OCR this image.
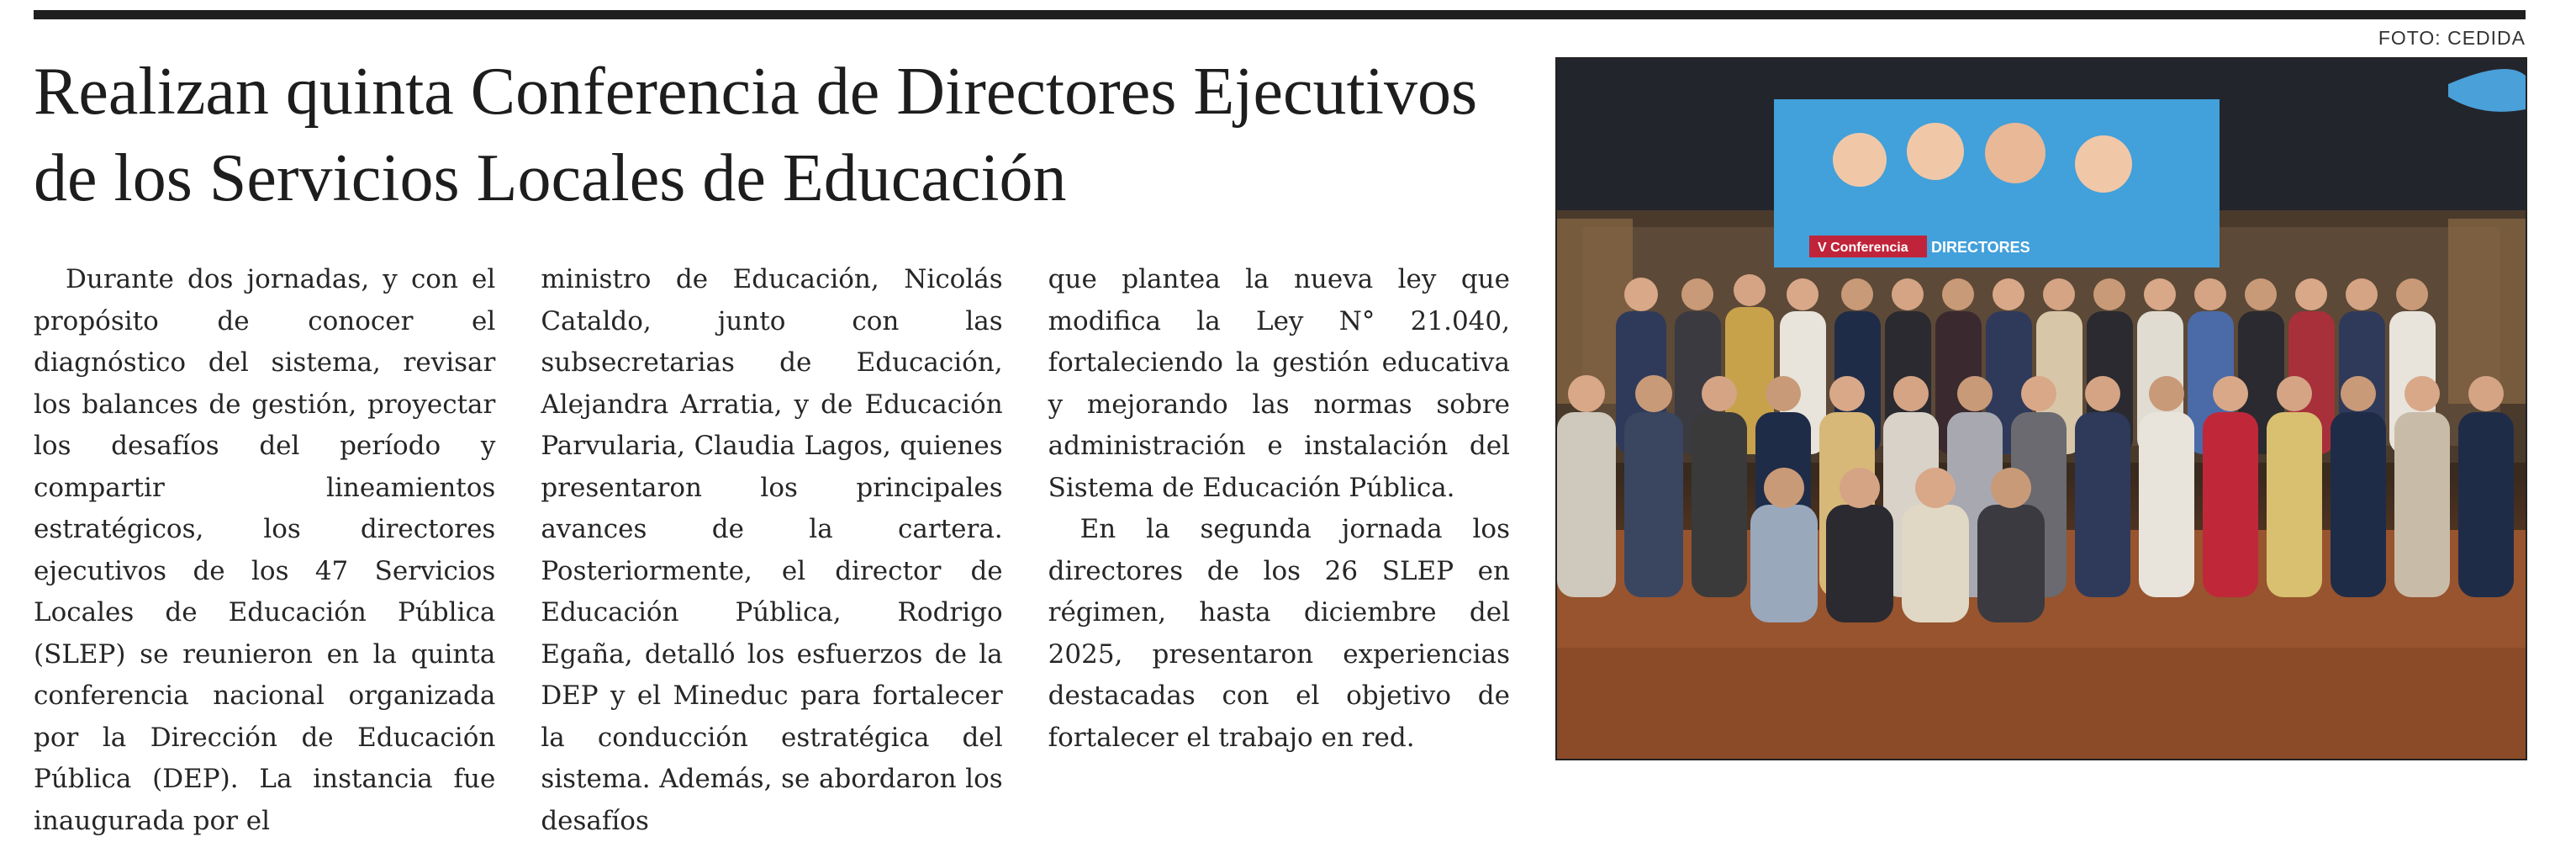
FOTO: CEDIDA
Realizan quinta Conferencia de Directores Ejecutivos de los Servicios Locales de Educación

Durante dos jornadas, y con el propósito de conocer el diagnóstico del sistema, revisar los balances de gestión, proyectar los desafíos del período y compartir lineamientos estratégicos, los directores ejecutivos de los 47 Servicios Locales de Educación Pública (SLEP) se reunieron en la quinta conferencia nacional organizada por la Dirección de Educación Pública (DEP). La instancia fue inaugurada por el

ministro de Educación, Nicolás Cataldo, junto con las subsecretarias de Educación, Alejandra Arratia, y de Educación Parvularia, Claudia Lagos, quienes presentaron los principales avances de la cartera. Posteriormente, el director de Educación Pública, Rodrigo Egaña, detalló los esfuerzos de la DEP y el Mineduc para fortalecer la conducción estratégica del sistema. Además, se abordaron los desafíos

que plantea la nueva ley que modifica la Ley N° 21.040, fortaleciendo la gestión educativa y mejorando las normas sobre administración e instalación del Sistema de Educación Pública.

En la segunda jornada los directores de los 26 SLEP en régimen, hasta diciembre del 2025, presentaron experiencias destacadas con el objetivo de fortalecer el trabajo en red.

V Conferencia DIRECTORES
